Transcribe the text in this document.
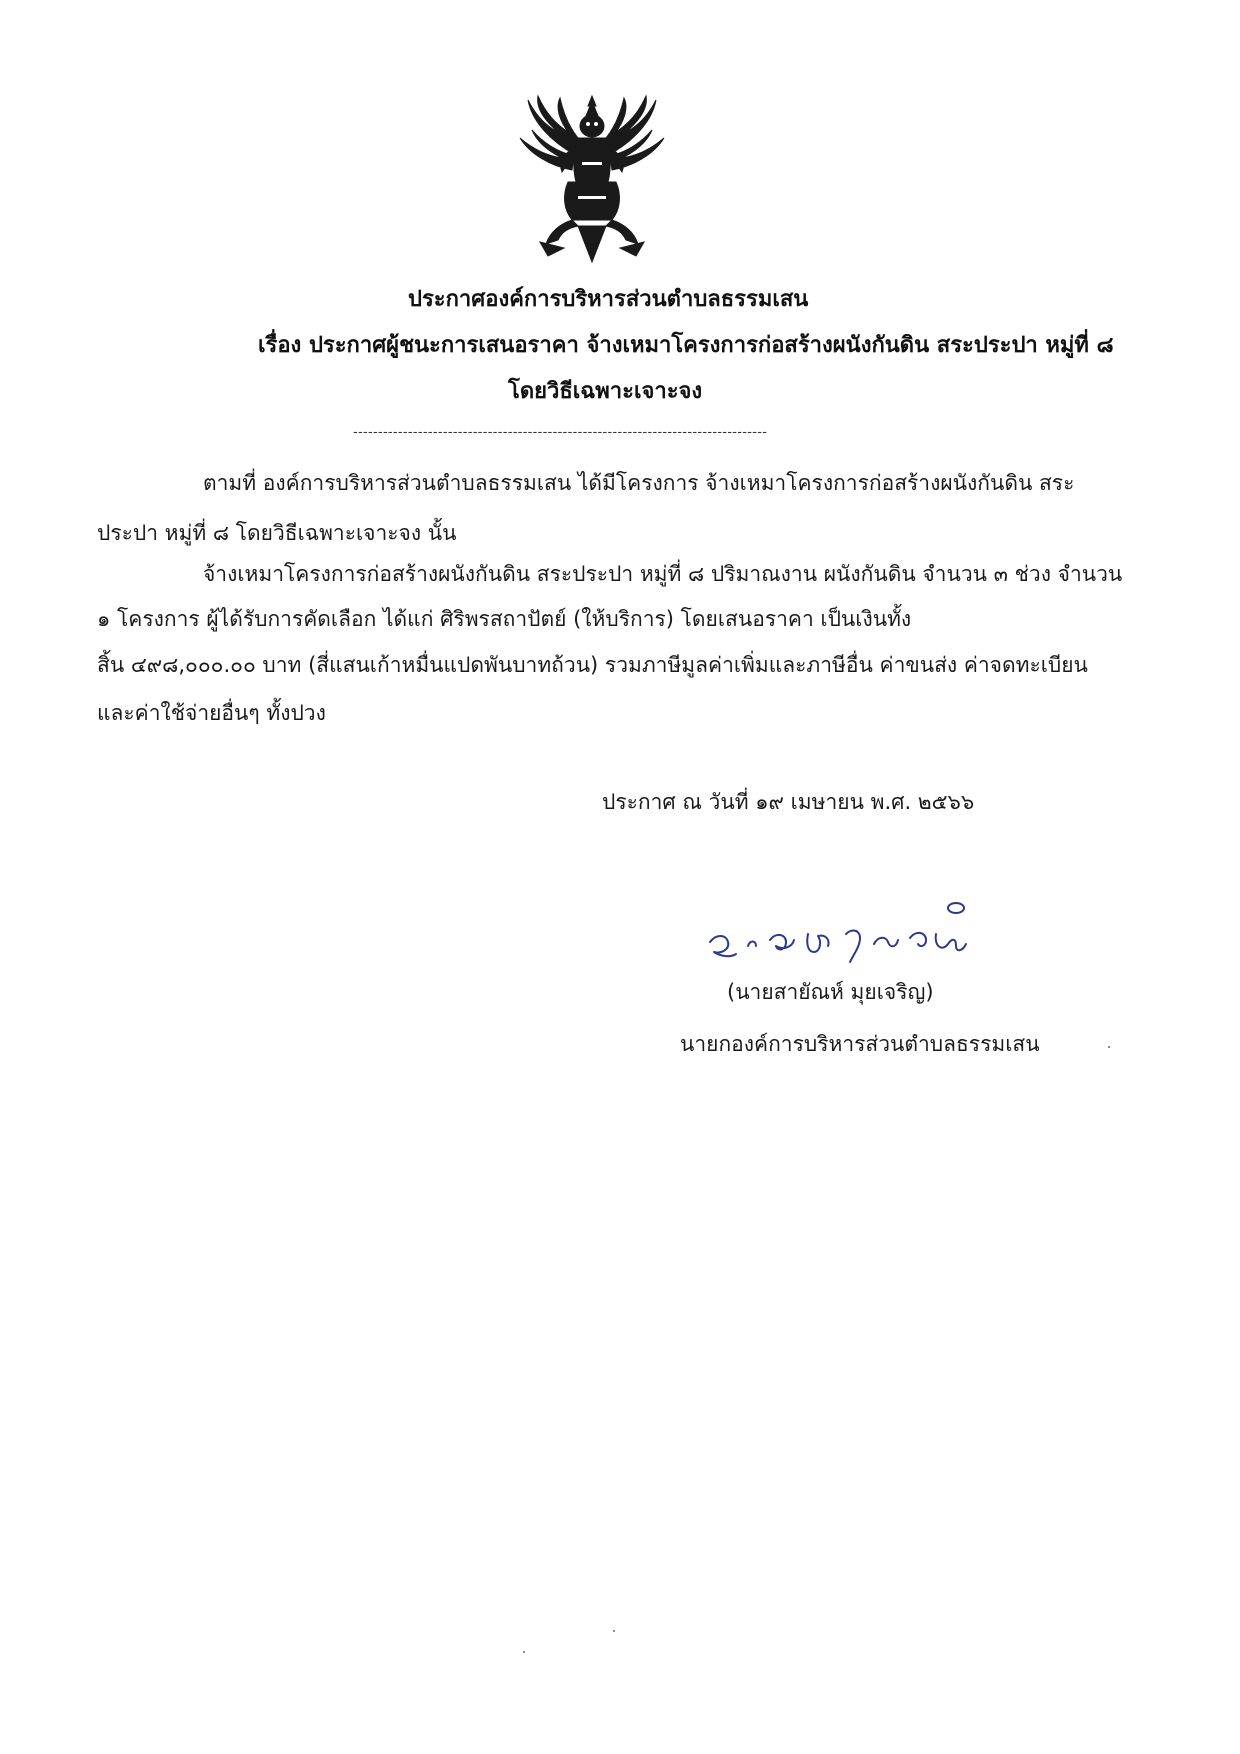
ประกาศองค์การบริหารส่วนตำบลธรรมเสน
เรื่อง ประกาศผู้ชนะการเสนอราคา จ้างเหมาโครงการก่อสร้างผนังกันดิน สระประปา หมู่ที่ ๘
โดยวิธีเฉพาะเจาะจง
-----------------------------------------------------------------------------------
ตามที่ องค์การบริหารส่วนตำบลธรรมเสน ได้มีโครงการ จ้างเหมาโครงการก่อสร้างผนังกันดิน สระ
ประปา หมู่ที่ ๘ โดยวิธีเฉพาะเจาะจง นั้น
จ้างเหมาโครงการก่อสร้างผนังกันดิน สระประปา หมู่ที่ ๘ ปริมาณงาน ผนังกันดิน จำนวน ๓ ช่วง จำนวน
๑ โครงการ ผู้ได้รับการคัดเลือก ได้แก่ ศิริพรสถาปัตย์ (ให้บริการ) โดยเสนอราคา เป็นเงินทั้ง
สิ้น ๔๙๘,๐๐๐.๐๐ บาท (สี่แสนเก้าหมื่นแปดพันบาทถ้วน) รวมภาษีมูลค่าเพิ่มและภาษีอื่น ค่าขนส่ง ค่าจดทะเบียน
และค่าใช้จ่ายอื่นๆ ทั้งปวง
ประกาศ ณ วันที่ ๑๙ เมษายน พ.ศ. ๒๕๖๖
(นายสายัณห์ มุยเจริญ)
นายกองค์การบริหารส่วนตำบลธรรมเสน
